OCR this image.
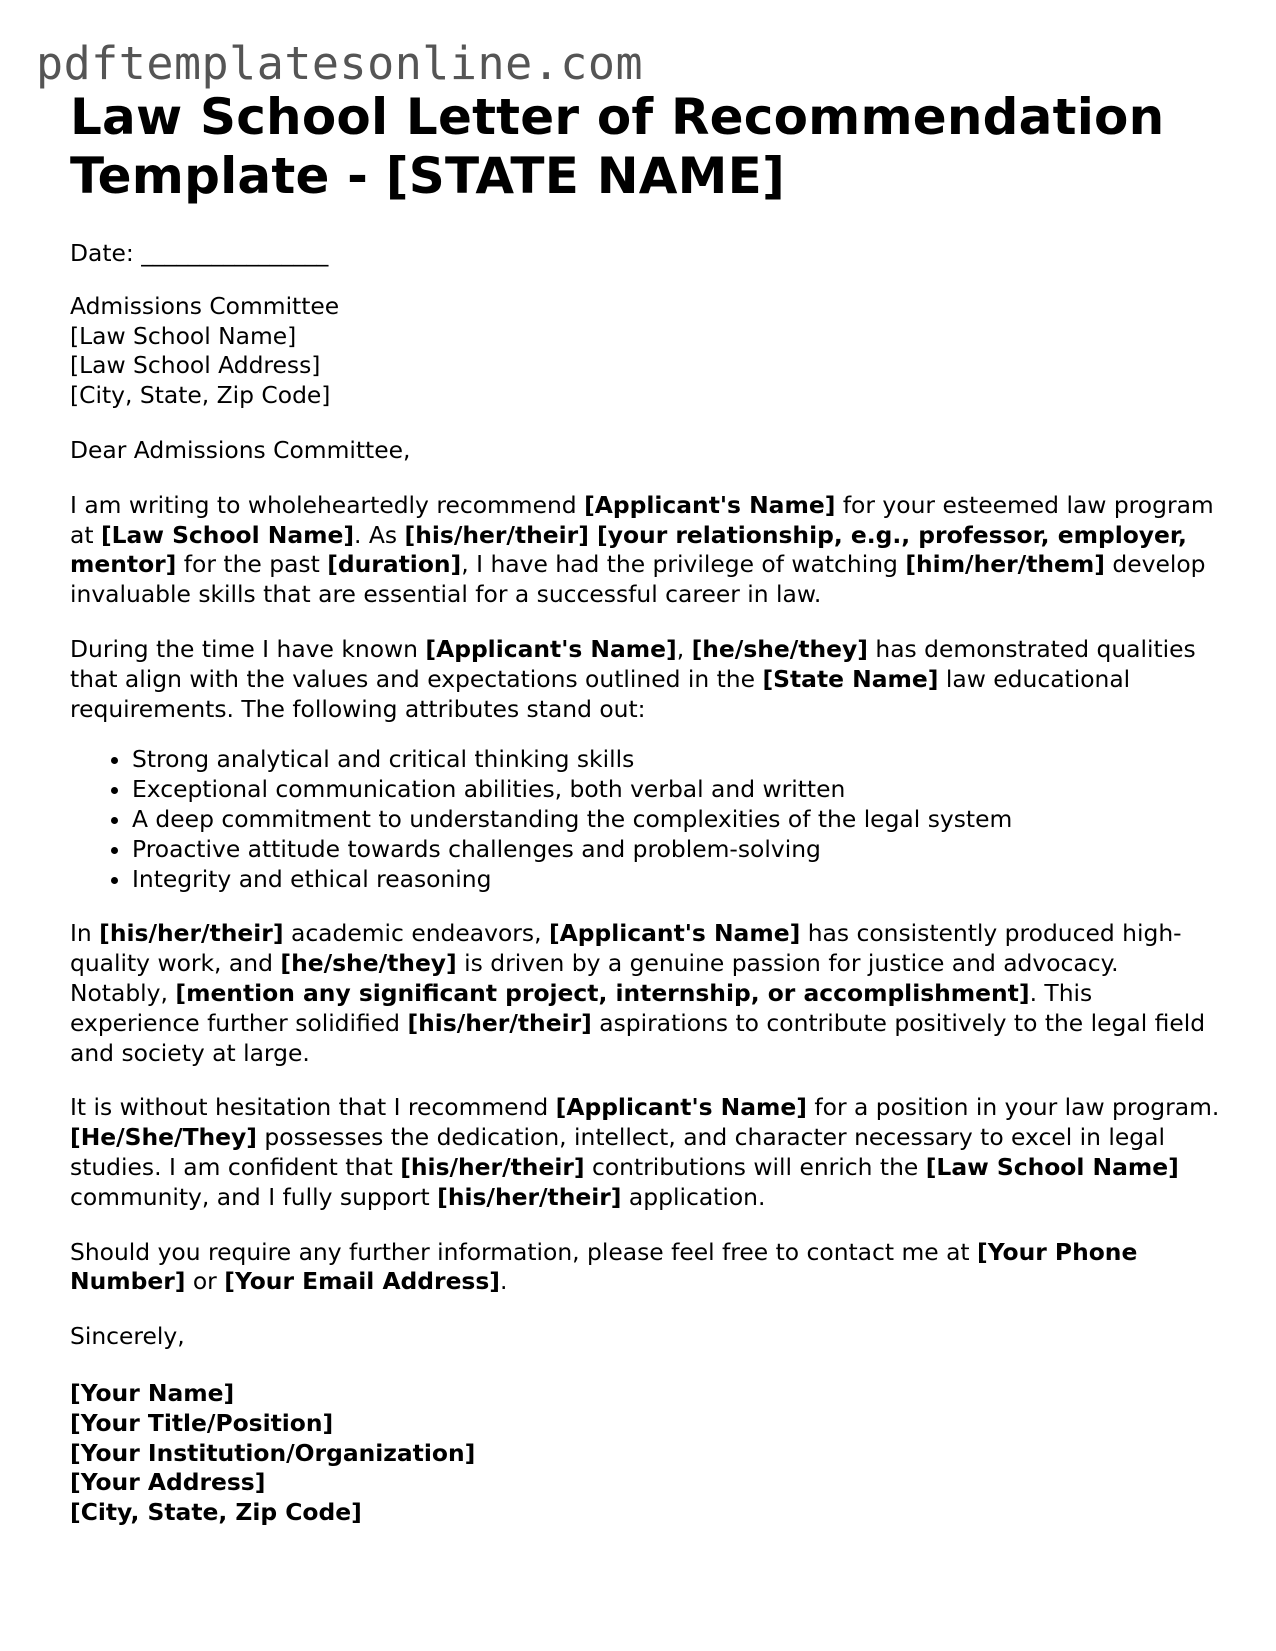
pdftemplatesonline.com
Law School Letter of Recommendation Template - [STATE NAME]

Date: ________________

Admissions Committee
[Law School Name]
[Law School Address]
[City, State, Zip Code]

Dear Admissions Committee,

I am writing to wholeheartedly recommend [Applicant's Name] for your esteemed law program at [Law School Name]. As [his/her/their] [your relationship, e.g., professor, employer, mentor] for the past [duration], I have had the privilege of watching [him/her/them] develop invaluable skills that are essential for a successful career in law.

During the time I have known [Applicant's Name], [he/she/they] has demonstrated qualities that align with the values and expectations outlined in the [State Name] law educational requirements. The following attributes stand out:

• Strong analytical and critical thinking skills
• Exceptional communication abilities, both verbal and written
• A deep commitment to understanding the complexities of the legal system
• Proactive attitude towards challenges and problem-solving
• Integrity and ethical reasoning

In [his/her/their] academic endeavors, [Applicant's Name] has consistently produced high-quality work, and [he/she/they] is driven by a genuine passion for justice and advocacy. Notably, [mention any significant project, internship, or accomplishment]. This experience further solidified [his/her/their] aspirations to contribute positively to the legal field and society at large.

It is without hesitation that I recommend [Applicant's Name] for a position in your law program. [He/She/They] possesses the dedication, intellect, and character necessary to excel in legal studies. I am confident that [his/her/their] contributions will enrich the [Law School Name] community, and I fully support [his/her/their] application.

Should you require any further information, please feel free to contact me at [Your Phone Number] or [Your Email Address].

Sincerely,

[Your Name]
[Your Title/Position]
[Your Institution/Organization]
[Your Address]
[City, State, Zip Code]
